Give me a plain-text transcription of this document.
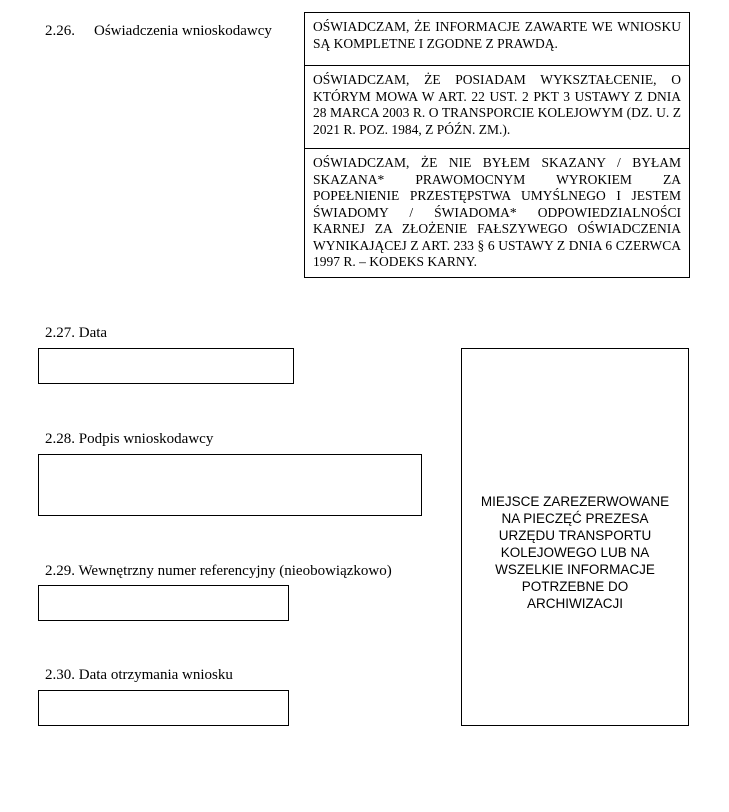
2.26. Oświadczenia wnioskodawcy	OŚWIADCZAM, ŻE INFORMACJE ZAWARTE WE WNIOSKU SĄ KOMPLETNE I ZGODNE Z PRAWDĄ.
OŚWIADCZAM, ŻE POSIADAM WYKSZTAŁCENIE, O KTÓRYM MOWA W ART. 22 UST. 2 PKT 3 USTAWY Z DNIA 28 MARCA 2003 R. O TRANSPORCIE KOLEJOWYM (DZ. U. Z 2021 R. POZ. 1984, Z PÓŹN. ZM.).
OŚWIADCZAM, ŻE NIE BYŁEM SKAZANY / BYŁAM SKAZANA* PRAWOMOCNYM WYROKIEM ZA POPEŁNIENIE PRZESTĘPSTWA UMYŚLNEGO I JESTEM ŚWIADOMY / ŚWIADOMA* ODPOWIEDZIALNOŚCI KARNEJ ZA ZŁOŻENIE FAŁSZYWEGO OŚWIADCZENIA WYNIKAJĄCEJ Z ART. 233 § 6 USTAWY Z DNIA 6 CZERWCA 1997 R. – KODEKS KARNY.
2.27. Data
2.28. Podpis wnioskodawcy
2.29. Wewnętrzny numer referencyjny (nieobowiązkowo)
2.30. Data otrzymania wniosku
MIEJSCE ZAREZERWOWANE NA PIECZĘĆ PREZESA URZĘDU TRANSPORTU KOLEJOWEGO LUB NA WSZELKIE INFORMACJE POTRZEBNE DO ARCHIWIZACJI
